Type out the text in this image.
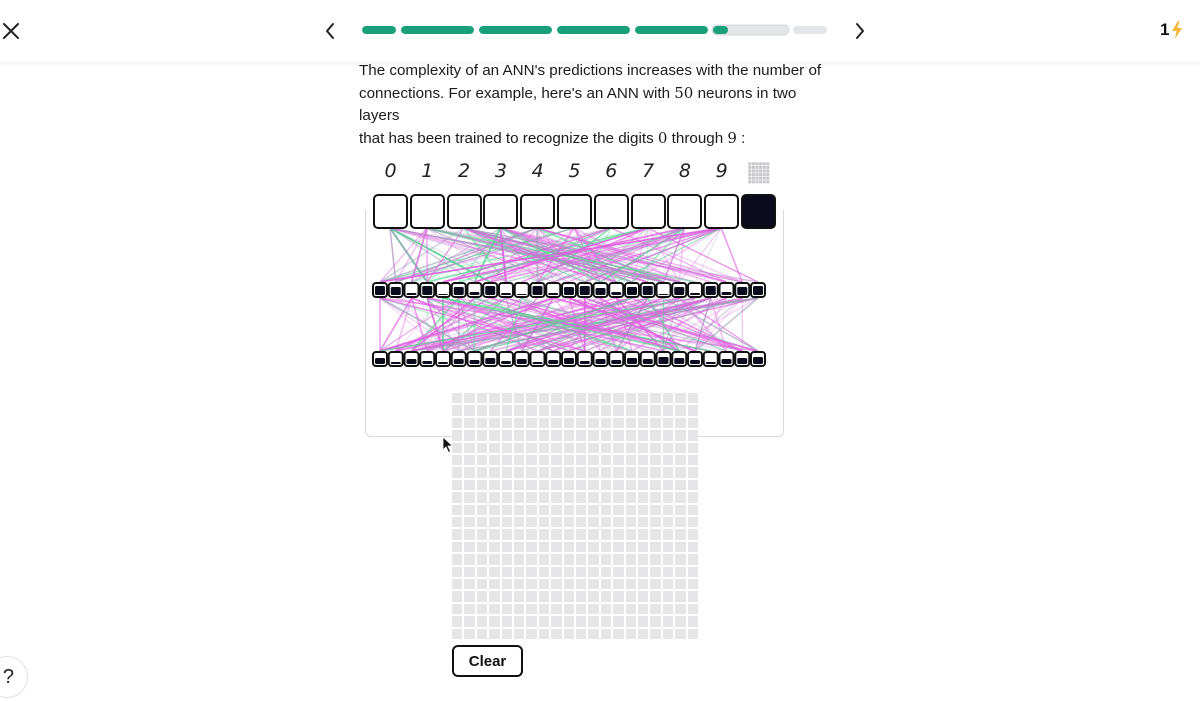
1
The complexity of an ANN's predictions increases with the number of
connections. For example, here's an ANN with 50 neurons in two layers
that has been trained to recognize the digits 0 through 9 :
0	1	2	3	4	5	6	7	8	9
Clear
?
